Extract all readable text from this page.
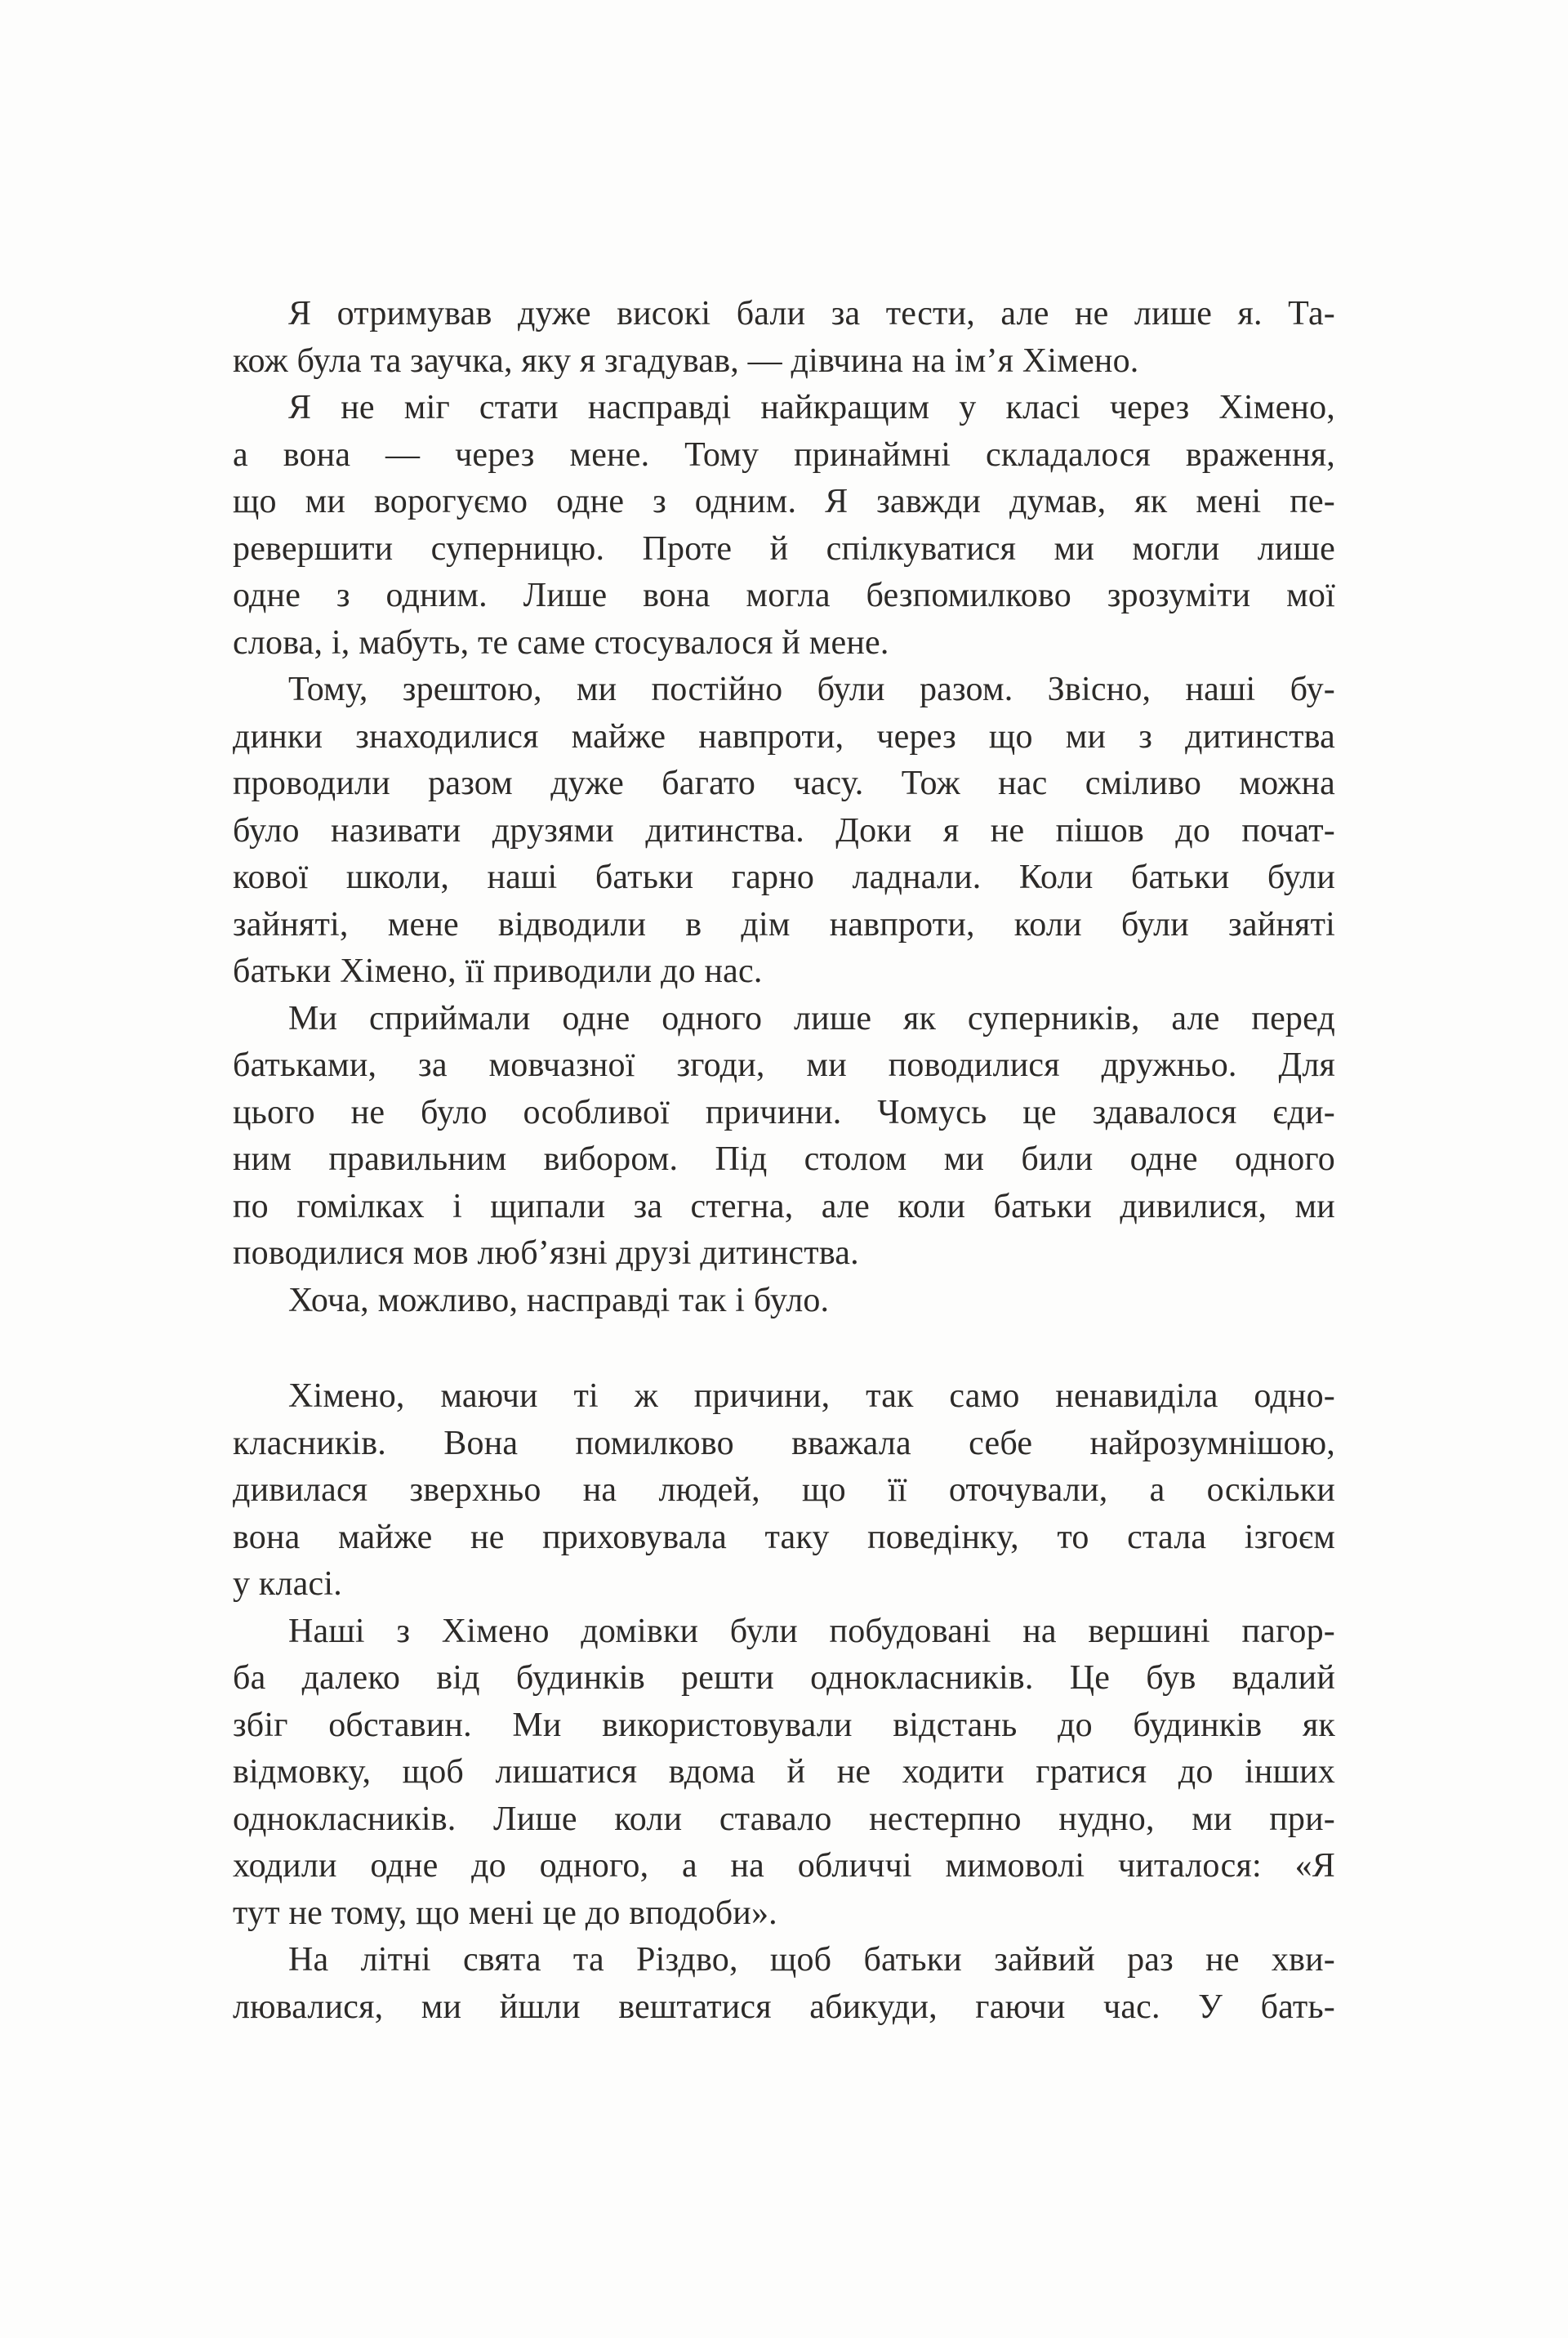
Я отримував дуже високі бали за тести, але не лише я. Та-
кож була та заучка, яку я згадував, — дівчина на ім’я Хімено.
Я не міг стати насправді найкращим у класі через Хімено,
а вона — через мене. Тому принаймні складалося враження,
що ми ворогуємо одне з одним. Я завжди думав, як мені пе-
ревершити суперницю. Проте й спілкуватися ми могли лише
одне з одним. Лише вона могла безпомилково зрозуміти мої
слова, і, мабуть, те саме стосувалося й мене.
Тому, зрештою, ми постійно були разом. Звісно, наші бу-
динки знаходилися майже навпроти, через що ми з дитинства
проводили разом дуже багато часу. Тож нас сміливо можна
було називати друзями дитинства. Доки я не пішов до почат-
кової школи, наші батьки гарно ладнали. Коли батьки були
зайняті, мене відводили в дім навпроти, коли були зайняті
батьки Хімено, її приводили до нас.
Ми сприймали одне одного лише як суперників, але перед
батьками, за мовчазної згоди, ми поводилися дружньо. Для
цього не було особливої причини. Чомусь це здавалося єди-
ним правильним вибором. Під столом ми били одне одного
по гомілках і щипали за стегна, але коли батьки дивилися, ми
поводилися мов люб’язні друзі дитинства.
Хоча, можливо, насправді так і було.
Хімено, маючи ті ж причини, так само ненавиділа одно-
класників. Вона помилково вважала себе найрозумнішою,
дивилася зверхньо на людей, що її оточували, а оскільки
вона майже не приховувала таку поведінку, то стала ізгоєм
у класі.
Наші з Хімено домівки були побудовані на вершині пагор-
ба далеко від будинків решти однокласників. Це був вдалий
збіг обставин. Ми використовували відстань до будинків як
відмовку, щоб лишатися вдома й не ходити гратися до інших
однокласників. Лише коли ставало нестерпно нудно, ми при-
ходили одне до одного, а на обличчі мимоволі читалося: «Я
тут не тому, що мені це до вподоби».
На літні свята та Різдво, щоб батьки зайвий раз не хви-
лювалися, ми йшли вештатися абикуди, гаючи час. У бать-
